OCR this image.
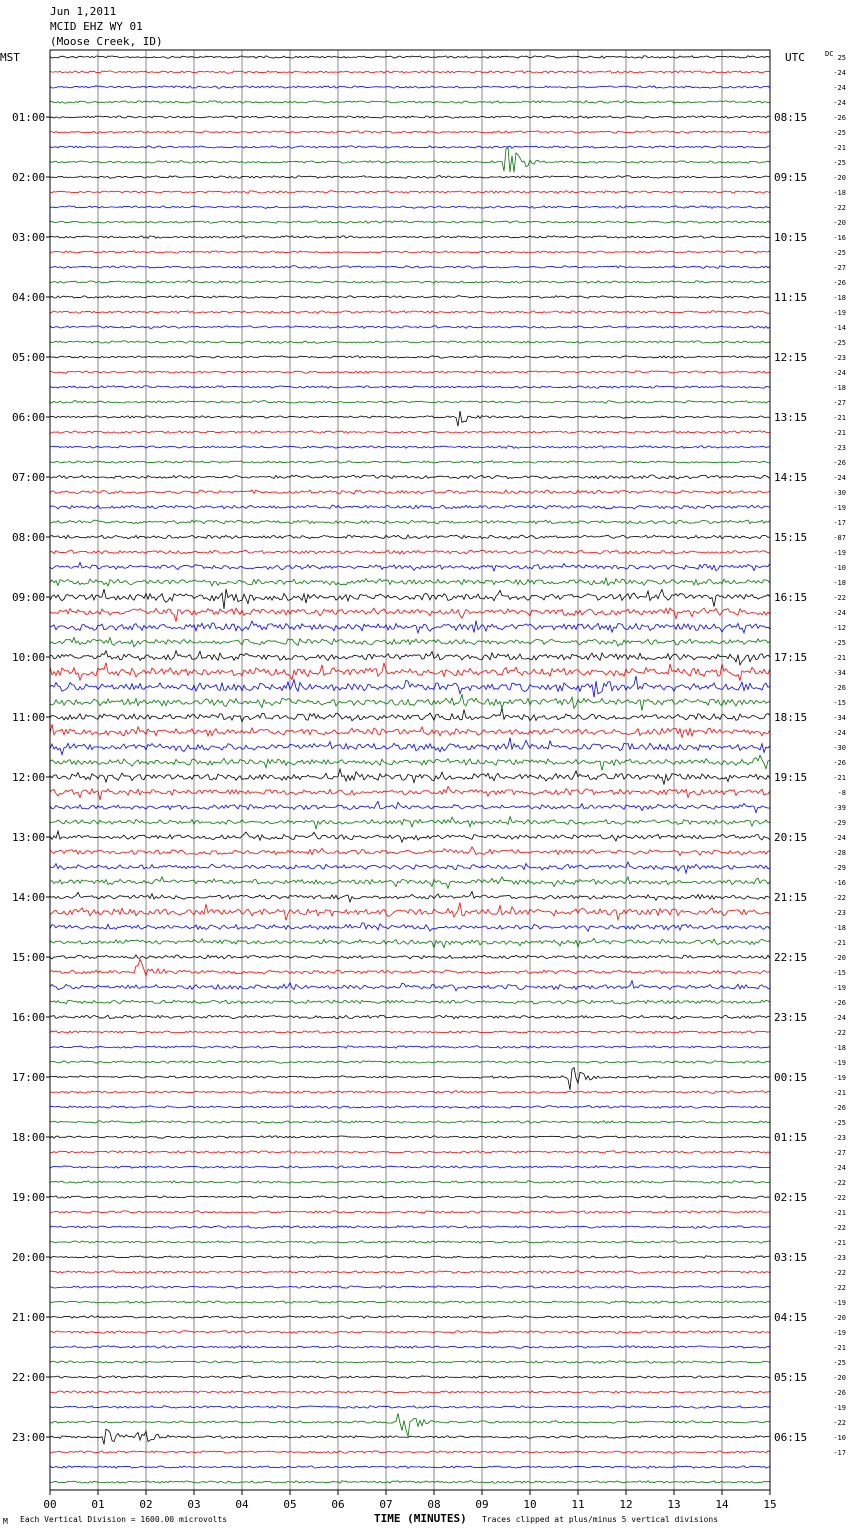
Jun 1,2011
MCID EHZ WY 01
(Moose Creek, ID)
MST	UTC	DC
01:00
02:00
03:00
04:00
05:00
06:00
07:00
08:00
09:00
10:00
11:00
12:00
13:00
14:00
15:00
16:00
17:00
18:00
19:00
20:00
21:00
22:00
23:00
08:15
09:15
10:15
11:15
12:15
13:15
14:15
15:15
16:15
17:15
18:15
19:15
20:15
21:15
22:15
23:15
00:15
01:15
02:15
03:15
04:15
05:15
06:15
25
-24
-24
-24
-26
-25
-21
-25
-20
-18
-22
-20
-16
-25
-27
-26
-18
-19
-14
-25
-23
-24
-18
-27
-21
-21
-23
-26
-24
-30
-19
-17
-87
-19
-10
-18
-22
-24
-12
-25
-21
-34
-26
-15
-34
-24
-30
-26
-21
-8
-39
-29
-24
-28
-29
-16
-22
-23
-18
-21
-20
-15
-19
-26
-24
-22
-18
-19
-19
-21
-26
-25
-23
-27
-24
-22
-22
-21
-22
-21
-23
-22
-22
-19
-20
-19
-21
-25
-20
-26
-19
-22
-10
-17
00	01	02	03	04	05	06	07	08	09	10	11	12	13	14	15
M Each Vertical Division = 1600.00 microvolts	TIME (MINUTES) Traces clipped at plus/minus 5 vertical divisions
